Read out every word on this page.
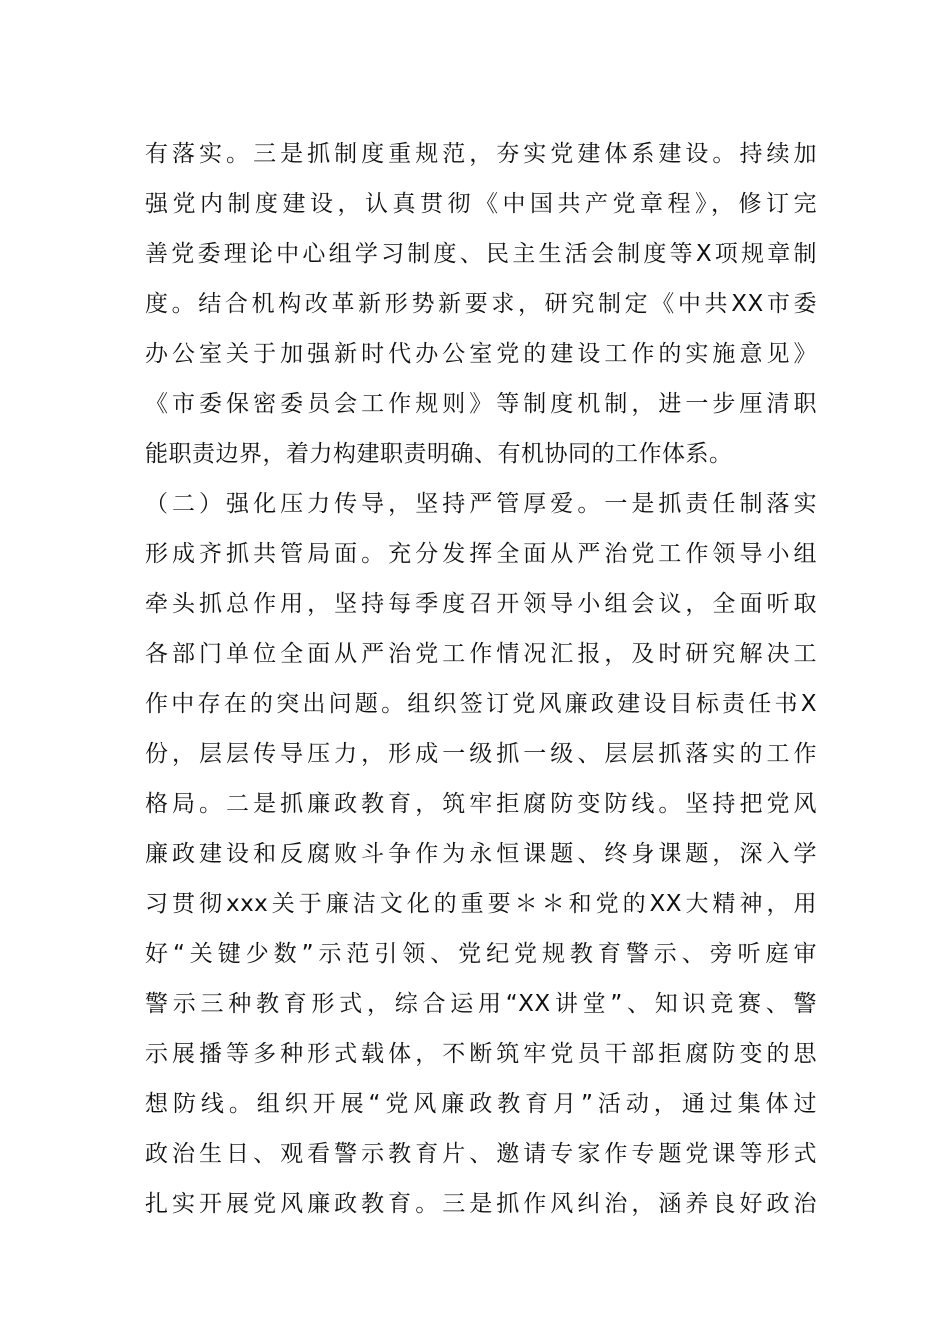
有落实。三是抓制度重规范，夯实党建体系建设。持续加
强党内制度建设，认真贯彻《中国共产党章程》，修订完
善党委理论中心组学习制度、民主生活会制度等X项规章制
度。结合机构改革新形势新要求，研究制定《中共XX市委
办公室关于加强新时代办公室党的建设工作的实施意见》
《市委保密委员会工作规则》等制度机制，进一步厘清职
能职责边界，着力构建职责明确、有机协同的工作体系。
（二）强化压力传导，坚持严管厚爱。一是抓责任制落实
形成齐抓共管局面。充分发挥全面从严治党工作领导小组
牵头抓总作用，坚持每季度召开领导小组会议，全面听取
各部门单位全面从严治党工作情况汇报，及时研究解决工
作中存在的突出问题。组织签订党风廉政建设目标责任书X
份，层层传导压力，形成一级抓一级、层层抓落实的工作
格局。二是抓廉政教育，筑牢拒腐防变防线。坚持把党风
廉政建设和反腐败斗争作为永恒课题、终身课题，深入学
习贯彻xxx关于廉洁文化的重要＊＊和党的XX大精神，用
好“关键少数”示范引领、党纪党规教育警示、旁听庭审
警示三种教育形式，综合运用“XX讲堂”、知识竞赛、警
示展播等多种形式载体，不断筑牢党员干部拒腐防变的思
想防线。组织开展“党风廉政教育月”活动，通过集体过
政治生日、观看警示教育片、邀请专家作专题党课等形式
扎实开展党风廉政教育。三是抓作风纠治，涵养良好政治
